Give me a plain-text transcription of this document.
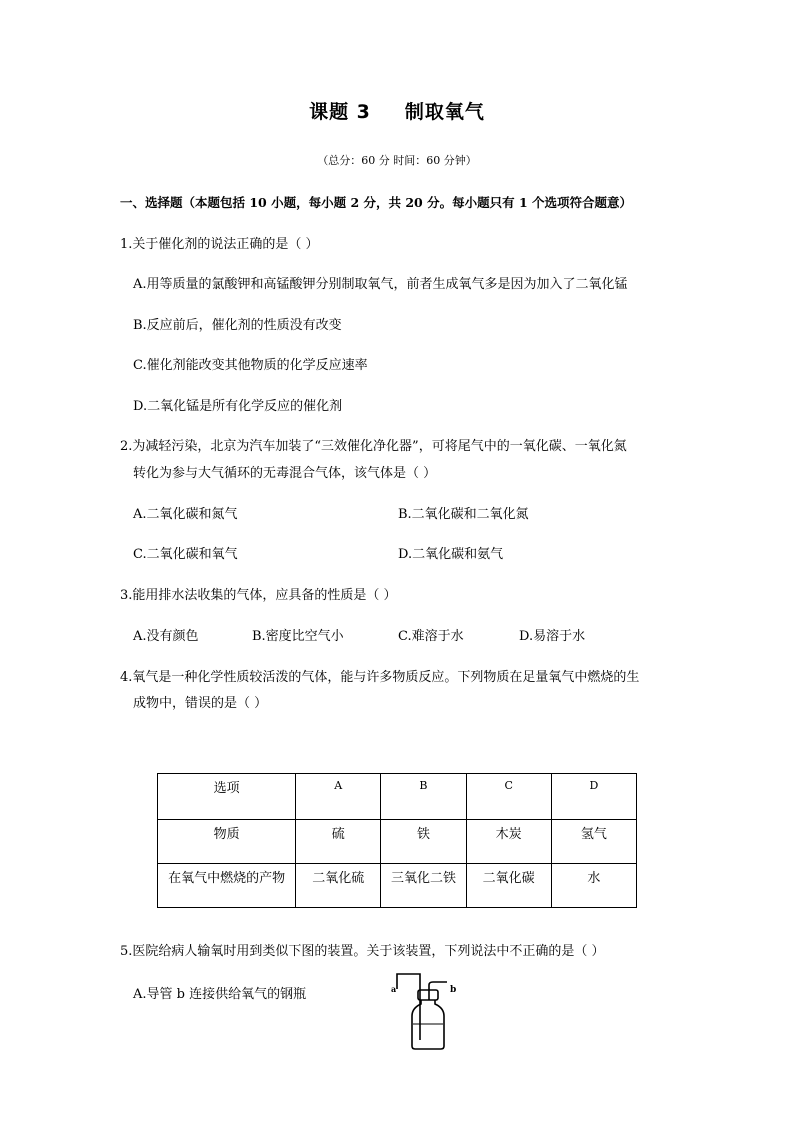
课题 3 制取氧气
（总分：60 分 时间：60 分钟）
一、选择题（本题包括 10 小题，每小题 2 分，共 20 分。每小题只有 1 个选项符合题意）
1.关于催化剂的说法正确的是（ ）
A.用等质量的氯酸钾和高锰酸钾分别制取氧气，前者生成氧气多是因为加入了二氧化锰
B.反应前后，催化剂的性质没有改变
C.催化剂能改变其他物质的化学反应速率
D.二氧化锰是所有化学反应的催化剂
2.为减轻污染，北京为汽车加装了“三效催化净化器”，可将尾气中的一氧化碳、一氧化氮
转化为参与大气循环的无毒混合气体，该气体是（ ）
A.二氧化碳和氮气	B.二氧化碳和二氧化氮
C.二氧化碳和氧气	D.二氧化碳和氨气
3.能用排水法收集的气体，应具备的性质是（ ）
A.没有颜色	B.密度比空气小	C.难溶于水	D.易溶于水
4.氧气是一种化学性质较活泼的气体，能与许多物质反应。下列物质在足量氧气中燃烧的生
成物中，错误的是（ ）
选项	A	B	C	D
物质	硫	铁	木炭	氢气
在氧气中燃烧的产物	二氧化硫	三氧化二铁	二氧化碳	水
5.医院给病人输氧时用到类似下图的装置。关于该装置，下列说法中不正确的是（ ）
A.导管 b 连接供给氧气的钢瓶	a	b
